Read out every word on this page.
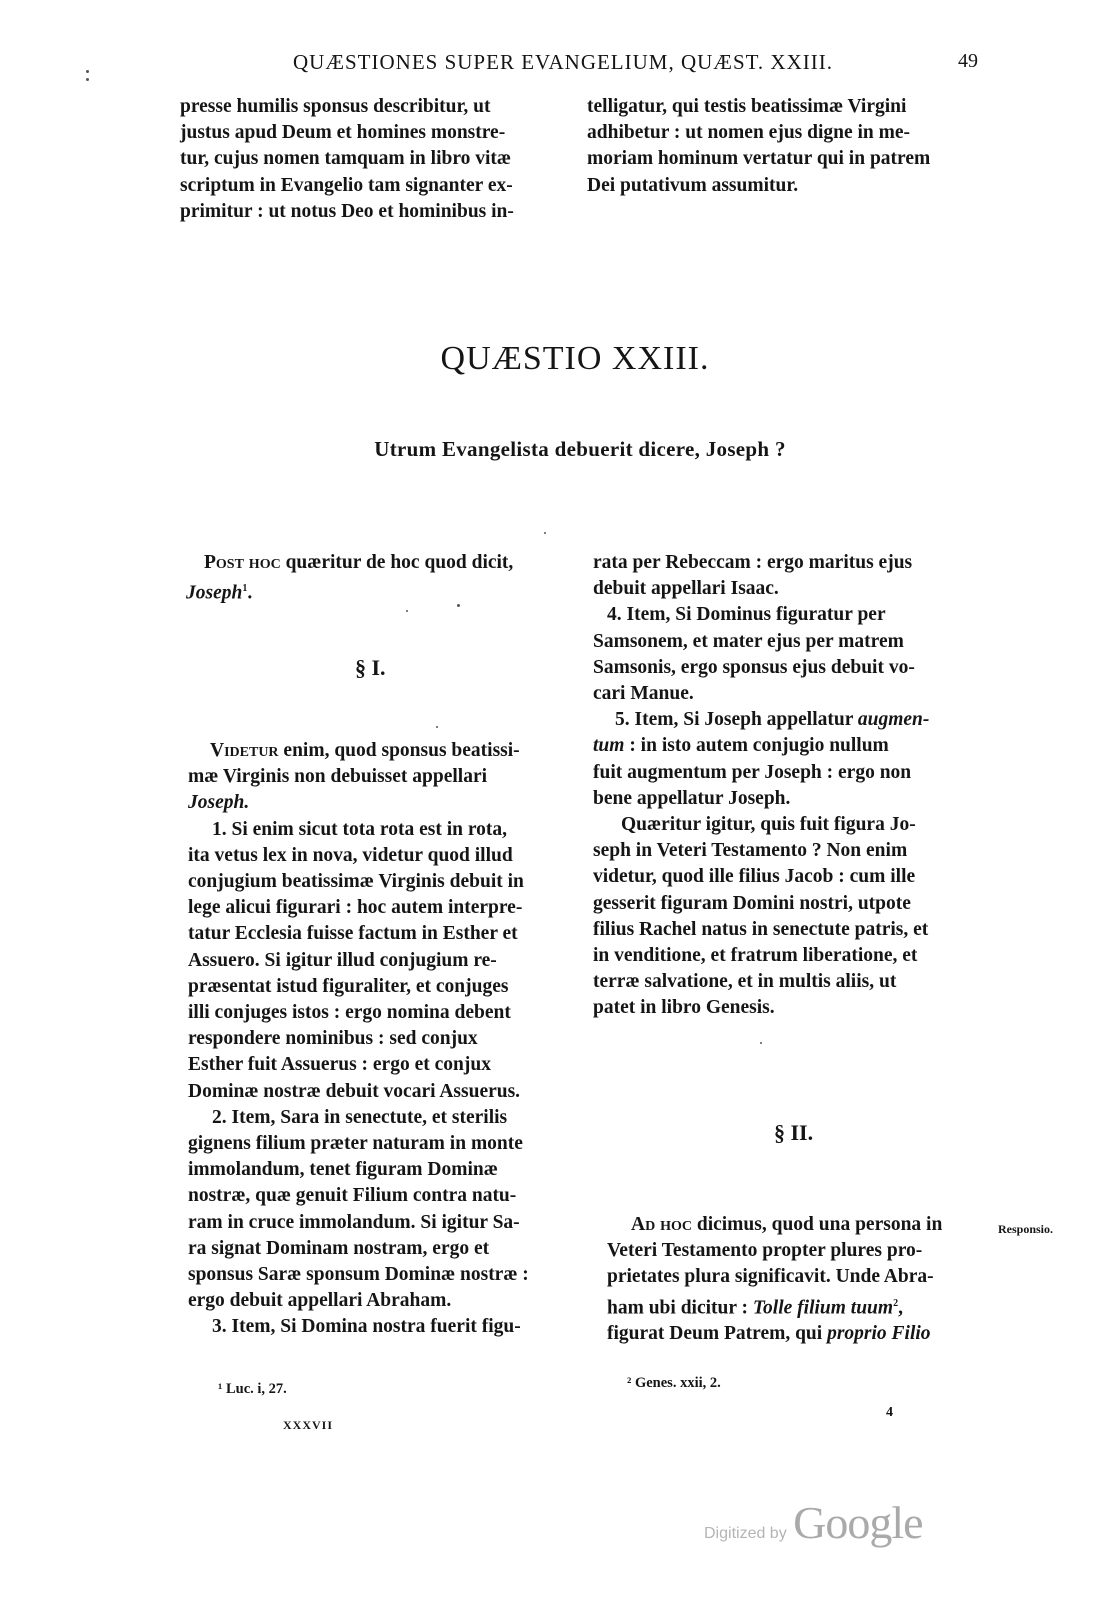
QUÆSTIONES SUPER EVANGELIUM, QUÆST. XXIII.	49
presse humilis sponsus describitur, ut
justus apud Deum et homines monstre-
tur, cujus nomen tamquam in libro vitæ
scriptum in Evangelio tam signanter ex-
primitur : ut notus Deo et hominibus in-
telligatur, qui testis beatissimæ Virgini
adhibetur : ut nomen ejus digne in me-
moriam hominum vertatur qui in patrem
Dei putativum assumitur.
QUÆSTIO XXIII.
Utrum Evangelista debuerit dicere, Joseph ?
Post hoc quæritur de hoc quod dicit,
Joseph$^1$.
§ I.
Videtur enim, quod sponsus beatissi-
mæ Virginis non debuisset appellari
Joseph.
1. Si enim sicut tota rota est in rota,
ita vetus lex in nova, videtur quod illud
conjugium beatissimæ Virginis debuit in
lege alicui figurari : hoc autem interpre-
tatur Ecclesia fuisse factum in Esther et
Assuero. Si igitur illud conjugium re-
præsentat istud figuraliter, et conjuges
illi conjuges istos : ergo nomina debent
respondere nominibus : sed conjux
Esther fuit Assuerus : ergo et conjux
Dominæ nostræ debuit vocari Assuerus.
2. Item, Sara in senectute, et sterilis
gignens filium præter naturam in monte
immolandum, tenet figuram Dominæ
nostræ, quæ genuit Filium contra natu-
ram in cruce immolandum. Si igitur Sa-
ra signat Dominam nostram, ergo et
sponsus Saræ sponsum Dominæ nostræ :
ergo debuit appellari Abraham.
3. Item, Si Domina nostra fuerit figu-
rata per Rebeccam : ergo maritus ejus
debuit appellari Isaac.
4. Item, Si Dominus figuratur per
Samsonem, et mater ejus per matrem
Samsonis, ergo sponsus ejus debuit vo-
cari Manue.
5. Item, Si Joseph appellatur augmen-
tum : in isto autem conjugio nullum
fuit augmentum per Joseph : ergo non
bene appellatur Joseph.
Quæritur igitur, quis fuit figura Jo-
seph in Veteri Testamento ? Non enim
videtur, quod ille filius Jacob : cum ille
gesserit figuram Domini nostri, utpote
filius Rachel natus in senectute patris, et
in venditione, et fratrum liberatione, et
terræ salvatione, et in multis aliis, ut
patet in libro Genesis.
§ II.
Ad hoc dicimus, quod una persona in
Veteri Testamento propter plures pro-
prietates plura significavit. Unde Abra-
ham ubi dicitur : Tolle filium tuum$^2$,
figurat Deum Patrem, qui proprio Filio
Responsio.
¹ Luc. i, 27.	² Genes. xxii, 2.
XXXVII
4
Digitized by Google
